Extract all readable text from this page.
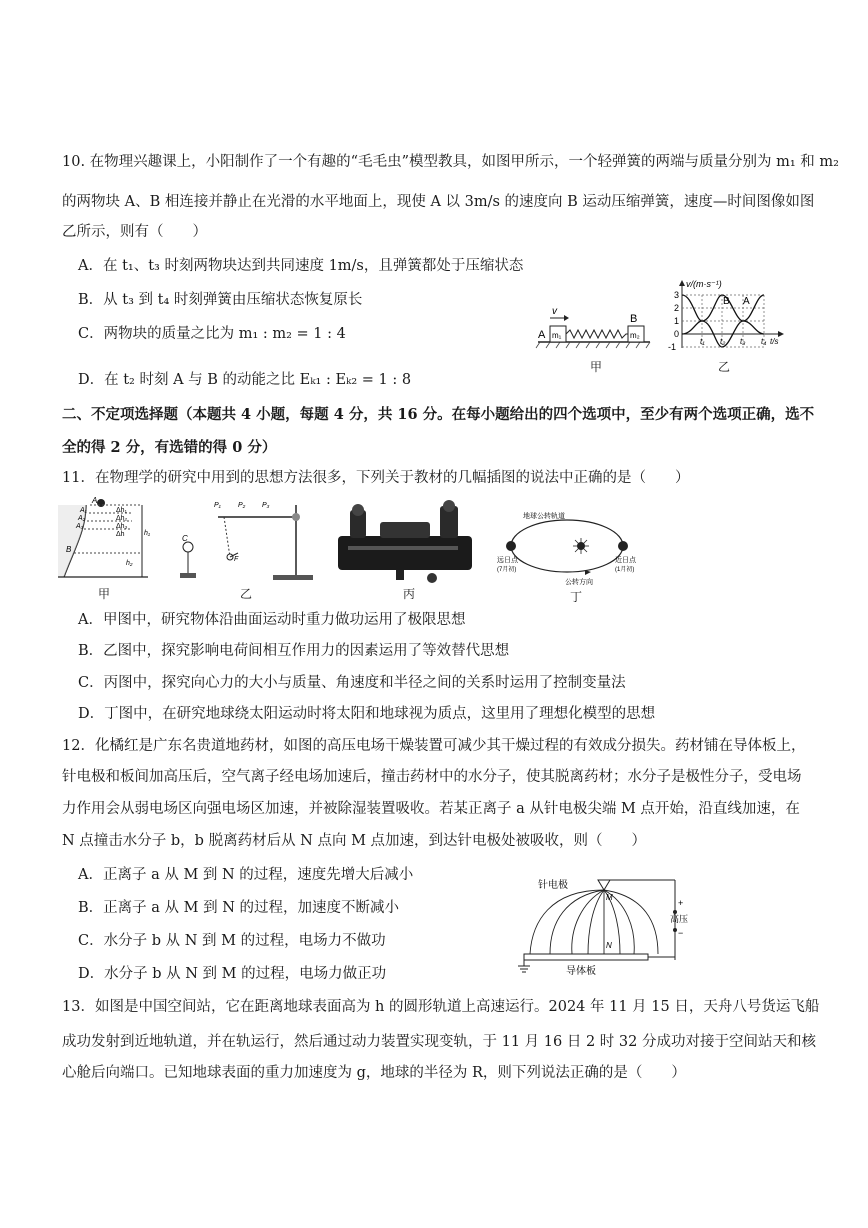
10. 在物理兴趣课上，小阳制作了一个有趣的“毛毛虫”模型教具，如图甲所示，一个轻弹簧的两端与质量分别为 m₁ 和 m₂
的两物块 A、B 相连接并静止在光滑的水平地面上，现使 A 以 3m/s 的速度向 B 运动压缩弹簧，速度—时间图像如图
乙所示，则有（　　）
A．在 t₁、t₃ 时刻两物块达到共同速度 1m/s，且弹簧都处于压缩状态
B．从 t₃ 到 t₄ 时刻弹簧由压缩状态恢复原长
C．两物块的质量之比为 m₁ : m₂ = 1 : 4
D．在 t₂ 时刻 A 与 B 的动能之比 Eₖ₁ : Eₖ₂ = 1 : 8
v
A
B
m₁	m₂
甲
3
2
1
0
-1
t₁ t₂ t₃ t₄ t/s
v/(m·s⁻¹)
B A
乙
二、不定项选择题（本题共 4 小题，每题 4 分，共 16 分。在每小题给出的四个选项中，至少有两个选项正确，选不
全的得 2 分，有选错的得 0 分）
11．在物理学的研究中用到的思想方法很多，下列关于教材的几幅插图的说法中正确的是（　　）
A
A₁
A₂
A₃
B
Δh₁
Δh₂
Δh₃
Δh	h₁
h₂
甲
P₁ P₂ P₃
C
F
乙	丙
地球公转轨道
远日点
(7月初)
近日点
(1月初)
公转方向
丁
A．甲图中，研究物体沿曲面运动时重力做功运用了极限思想
B．乙图中，探究影响电荷间相互作用力的因素运用了等效替代思想
C．丙图中，探究向心力的大小与质量、角速度和半径之间的关系时运用了控制变量法
D．丁图中，在研究地球绕太阳运动时将太阳和地球视为质点，这里用了理想化模型的思想
12．化橘红是广东名贵道地药材，如图的高压电场干燥装置可减少其干燥过程的有效成分损失。药材铺在导体板上，
针电极和板间加高压后，空气离子经电场加速后，撞击药材中的水分子，使其脱离药材；水分子是极性分子，受电场
力作用会从弱电场区向强电场区加速，并被除湿装置吸收。若某正离子 a 从针电极尖端 M 点开始，沿直线加速，在
N 点撞击水分子 b，b 脱离药材后从 N 点向 M 点加速，到达针电极处被吸收，则（　　）
A．正离子 a 从 M 到 N 的过程，速度先增大后减小
B．正离子 a 从 M 到 N 的过程，加速度不断减小
C．水分子 b 从 N 到 M 的过程，电场力不做功
D．水分子 b 从 N 到 M 的过程，电场力做正功
针电极
+
高压
−
M
N
导体板
13．如图是中国空间站，它在距离地球表面高为 h 的圆形轨道上高速运行。2024 年 11 月 15 日，天舟八号货运飞船
成功发射到近地轨道，并在轨运行，然后通过动力装置实现变轨，于 11 月 16 日 2 时 32 分成功对接于空间站天和核
心舱后向端口。已知地球表面的重力加速度为 g，地球的半径为 R，则下列说法正确的是（　　）
